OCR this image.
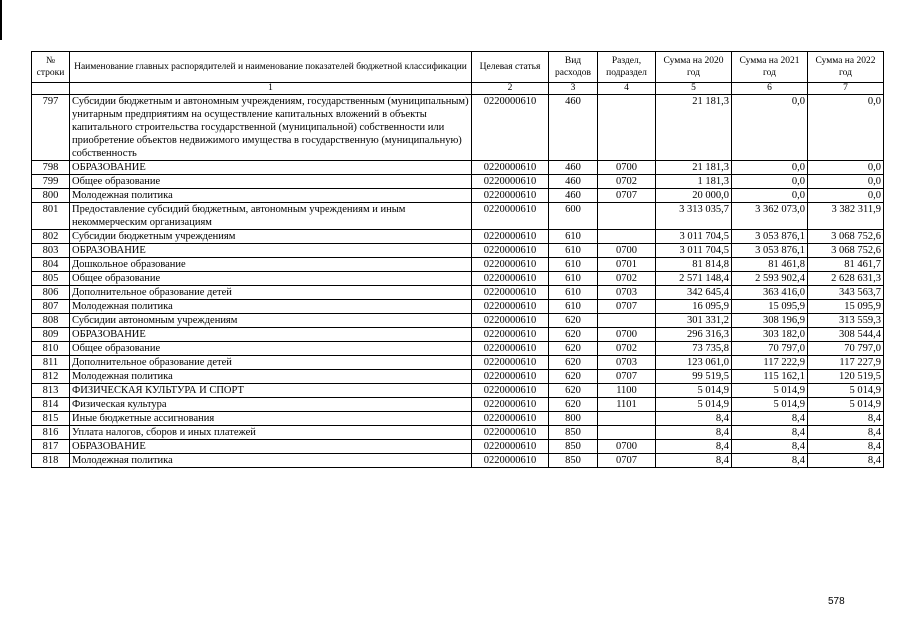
№ строки	Наименование главных распорядителей и наименование показателей бюджетной классификации	Целевая статья	Вид расходов	Раздел, подраздел	Сумма на 2020 год	Сумма на 2021 год	Сумма на 2022 год
	1	2	3	4	5	6	7
797	Субсидии бюджетным и автономным учреждениям, государственным (муниципальным) унитарным предприятиям на осуществление капитальных вложений в объекты капитального строительства государственной (муниципальной) собственности или приобретение объектов недвижимого имущества в государственную (муниципальную) собственность	0220000610	460		21 181,3	0,0	0,0
798	ОБРАЗОВАНИЕ	0220000610	460	0700	21 181,3	0,0	0,0
799	Общее образование	0220000610	460	0702	1 181,3	0,0	0,0
800	Молодежная политика	0220000610	460	0707	20 000,0	0,0	0,0
801	Предоставление субсидий бюджетным, автономным учреждениям и иным некоммерческим организациям	0220000610	600		3 313 035,7	3 362 073,0	3 382 311,9
802	Субсидии бюджетным учреждениям	0220000610	610		3 011 704,5	3 053 876,1	3 068 752,6
803	ОБРАЗОВАНИЕ	0220000610	610	0700	3 011 704,5	3 053 876,1	3 068 752,6
804	Дошкольное образование	0220000610	610	0701	81 814,8	81 461,8	81 461,7
805	Общее образование	0220000610	610	0702	2 571 148,4	2 593 902,4	2 628 631,3
806	Дополнительное образование детей	0220000610	610	0703	342 645,4	363 416,0	343 563,7
807	Молодежная политика	0220000610	610	0707	16 095,9	15 095,9	15 095,9
808	Субсидии автономным учреждениям	0220000610	620		301 331,2	308 196,9	313 559,3
809	ОБРАЗОВАНИЕ	0220000610	620	0700	296 316,3	303 182,0	308 544,4
810	Общее образование	0220000610	620	0702	73 735,8	70 797,0	70 797,0
811	Дополнительное образование детей	0220000610	620	0703	123 061,0	117 222,9	117 227,9
812	Молодежная политика	0220000610	620	0707	99 519,5	115 162,1	120 519,5
813	ФИЗИЧЕСКАЯ КУЛЬТУРА И СПОРТ	0220000610	620	1100	5 014,9	5 014,9	5 014,9
814	Физическая культура	0220000610	620	1101	5 014,9	5 014,9	5 014,9
815	Иные бюджетные ассигнования	0220000610	800		8,4	8,4	8,4
816	Уплата налогов, сборов и иных платежей	0220000610	850		8,4	8,4	8,4
817	ОБРАЗОВАНИЕ	0220000610	850	0700	8,4	8,4	8,4
818	Молодежная политика	0220000610	850	0707	8,4	8,4	8,4
578
